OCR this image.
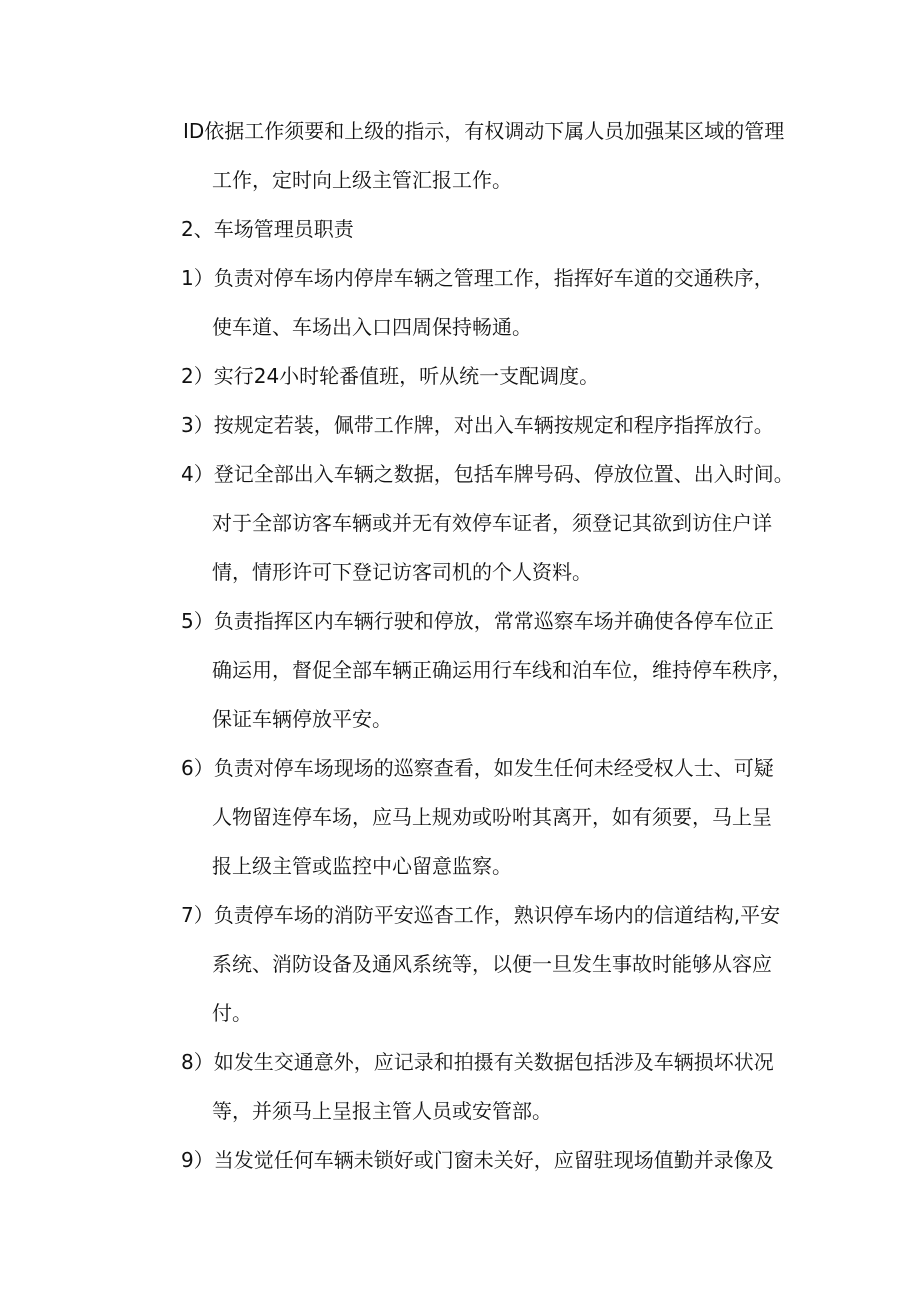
ID依据工作须要和上级的指示，有权调动下属人员加强某区域的管理
工作，定时向上级主管汇报工作。
2、车场管理员职责
1）负责对停车场内停岸车辆之管理工作，指挥好车道的交通秩序，
使车道、车场出入口四周保持畅通。
2）实行24小时轮番值班，听从统一支配调度。
3）按规定若装，佩带工作牌，对出入车辆按规定和程序指挥放行。
4）登记全部出入车辆之数据，包括车牌号码、停放位置、出入时间。
对于全部访客车辆或并无有效停车证者，须登记其欲到访住户详
情，情形许可下登记访客司机的个人资料。
5）负责指挥区内车辆行驶和停放，常常巡察车场并确使各停车位正
确运用，督促全部车辆正确运用行车线和泊车位，维持停车秩序，
保证车辆停放平安。
6）负责对停车场现场的巡察查看，如发生任何未经受权人士、可疑
人物留连停车场，应马上规劝或吩咐其离开，如有须要，马上呈
报上级主管或监控中心留意监察。
7）负责停车场的消防平安巡杳工作，熟识停车场内的信道结构,平安
系统、消防设备及通风系统等，以便一旦发生事故时能够从容应
付。
8）如发生交通意外，应记录和拍摄有关数据包括涉及车辆损坏状况
等，并须马上呈报主管人员或安管部。
9）当发觉任何车辆未锁好或门窗未关好，应留驻现场值勤并录像及
